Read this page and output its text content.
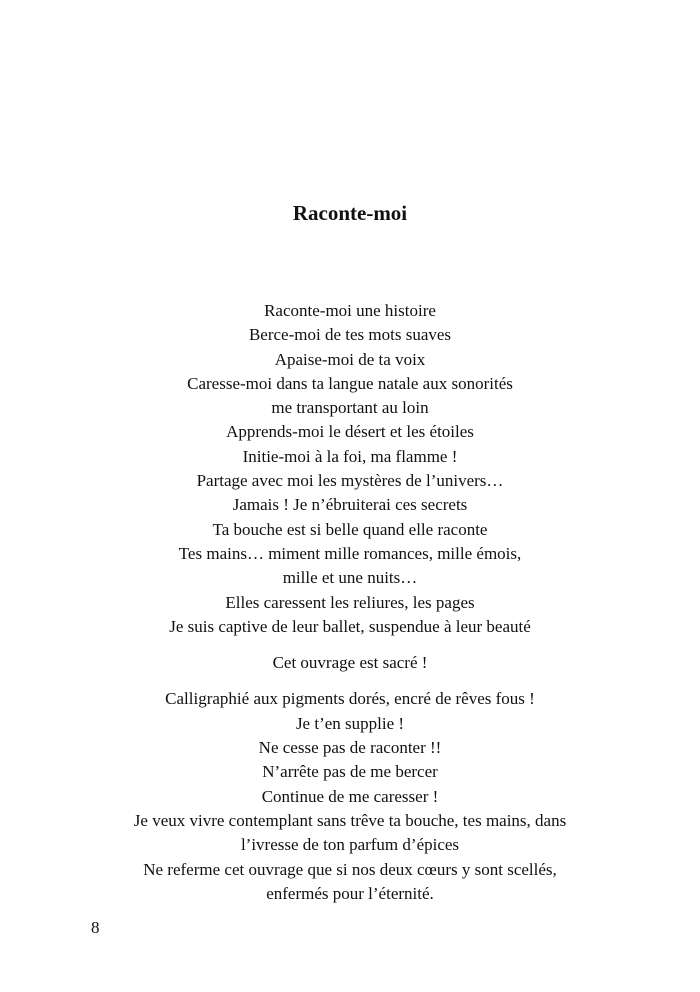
Raconte-moi
Raconte-moi une histoire
Berce-moi de tes mots suaves
Apaise-moi de ta voix
Caresse-moi dans ta langue natale aux sonorités
me transportant au loin
Apprends-moi le désert et les étoiles
Initie-moi à la foi, ma flamme !
Partage avec moi les mystères de l’univers…
Jamais ! Je n’ébruiterai ces secrets
Ta bouche est si belle quand elle raconte
Tes mains… miment mille romances, mille émois,
mille et une nuits…
Elles caressent les reliures, les pages
Je suis captive de leur ballet, suspendue à leur beauté
Cet ouvrage est sacré !
Calligraphié aux pigments dorés, encré de rêves fous !
Je t’en supplie !
Ne cesse pas de raconter !!
N’arrête pas de me bercer
Continue de me caresser !
Je veux vivre contemplant sans trêve ta bouche, tes mains, dans
l’ivresse de ton parfum d’épices
Ne referme cet ouvrage que si nos deux cœurs y sont scellés,
enfermés pour l’éternité.
8
